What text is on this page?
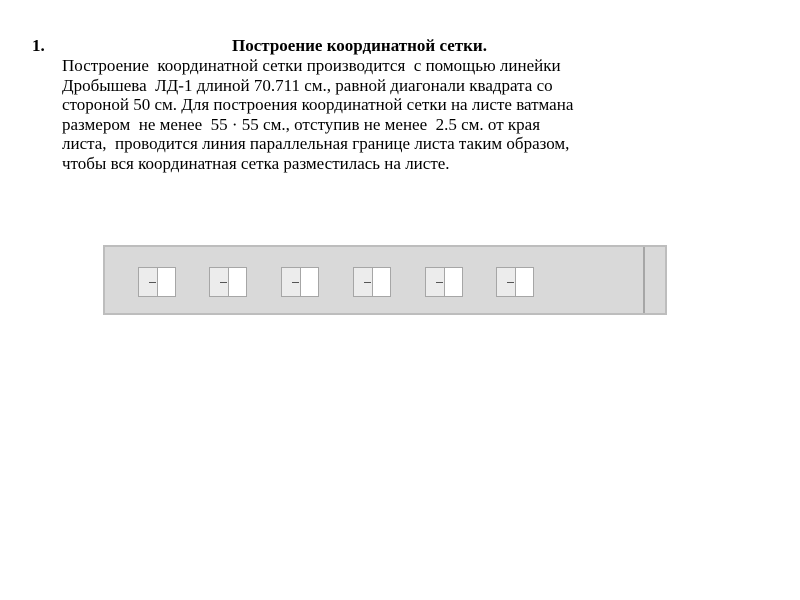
1.	Построение координатной сетки.
Построение  координатной сетки производится  с помощью линейки
Дробышева  ЛД-1 длиной 70.711 см., равной диагонали квадрата со
стороной 50 см. Для построения координатной сетки на листе ватмана
размером  не менее  55 · 55 см., отступив не менее  2.5 см. от края
листа,  проводится линия параллельная границе листа таким образом,
чтобы вся координатная сетка разместилась на листе.
